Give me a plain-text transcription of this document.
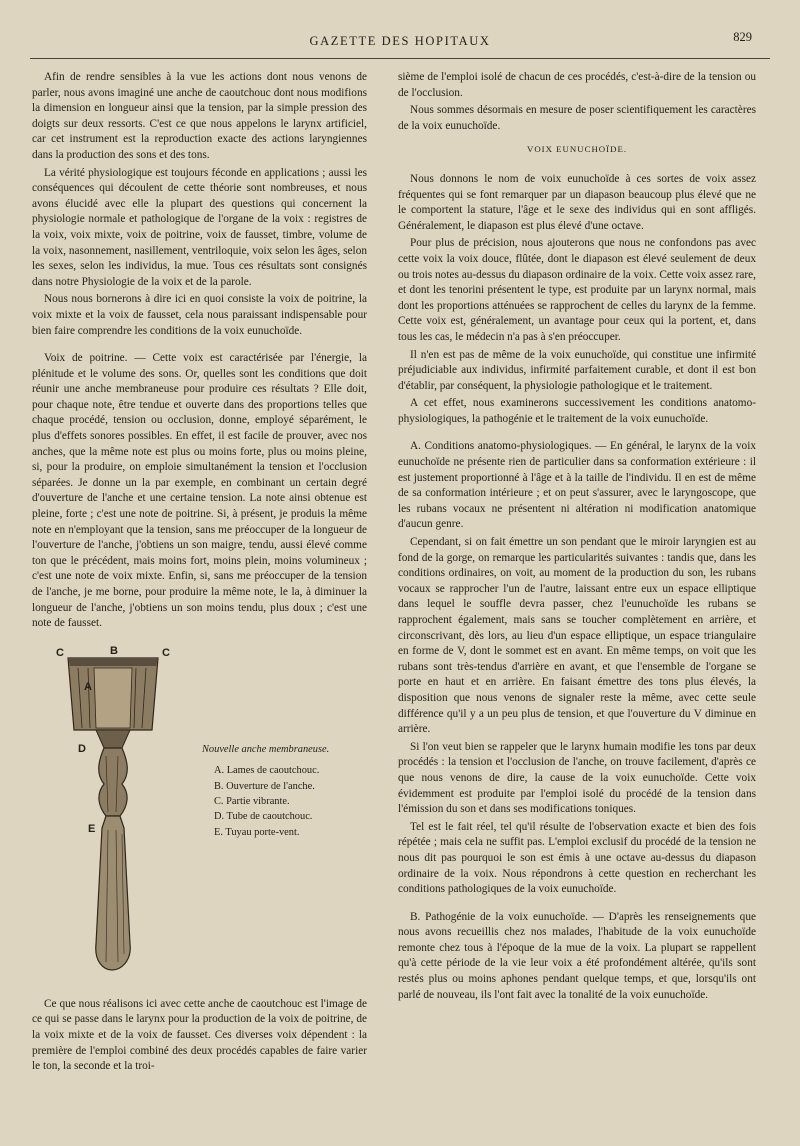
GAZETTE DES HOPITAUX	829

Afin de rendre sensibles à la vue les actions dont nous venons de parler, nous avons imaginé une anche de caoutchouc dont nous modifions la dimension en longueur ainsi que la tension, par la simple pression des doigts sur deux ressorts. C'est ce que nous appelons le larynx artificiel, car cet instrument est la reproduction exacte des actions laryngiennes dans la production des sons et des tons.

La vérité physiologique est toujours féconde en applications ; aussi les conséquences qui découlent de cette théorie sont nombreuses, et nous avons élucidé avec elle la plupart des questions qui concernent la physiologie normale et pathologique de l'organe de la voix : registres de la voix, voix mixte, voix de poitrine, voix de fausset, timbre, volume de la voix, nasonnement, nasillement, ventriloquie, voix selon les âges, selon les sexes, selon les individus, la mue. Tous ces résultats sont consignés dans notre Physiologie de la voix et de la parole.

Nous nous bornerons à dire ici en quoi consiste la voix de poitrine, la voix mixte et la voix de fausset, cela nous paraissant indispensable pour bien faire comprendre les conditions de la voix eunuchoïde.

Voix de poitrine. — Cette voix est caractérisée par l'énergie, la plénitude et le volume des sons. Or, quelles sont les conditions que doit réunir une anche membraneuse pour produire ces résultats ? Elle doit, pour chaque note, être tendue et ouverte dans des proportions telles que chaque procédé, tension ou occlusion, donne, employé séparément, le plus d'effets sonores possibles. En effet, il est facile de prouver, avec nos anches, que la même note est plus ou moins forte, plus ou moins pleine, si, pour la produire, on emploie simultanément la tension et l'occlusion séparées. Je donne un la par exemple, en combinant un certain degré d'ouverture de l'anche et une certaine tension. La note ainsi obtenue est pleine, forte ; c'est une note de poitrine. Si, à présent, je produis la même note en n'employant que la tension, sans me préoccuper de la longueur de l'ouverture de l'anche, j'obtiens un son maigre, tendu, aussi élevé comme ton que le précédent, mais moins fort, moins plein, moins volumineux ; c'est une note de voix mixte. Enfin, si, sans me préoccuper de la tension de l'anche, je me borne, pour produire la même note, le la, à diminuer la longueur de l'anche, j'obtiens un son moins tendu, plus doux ; c'est une note de fausset.

C	B	C
A
D
E
Nouvelle anche membraneuse.
A. Lames de caoutchouc.
B. Ouverture de l'anche.
C. Partie vibrante.
D. Tube de caoutchouc.
E. Tuyau porte-vent.

Ce que nous réalisons ici avec cette anche de caoutchouc est l'image de ce qui se passe dans le larynx pour la production de la voix de poitrine, de la voix mixte et de la voix de fausset. Ces diverses voix dépendent : la première de l'emploi combiné des deux procédés capables de faire varier le ton, la seconde et la troi-

sième de l'emploi isolé de chacun de ces procédés, c'est-à-dire de la tension ou de l'occlusion.

Nous sommes désormais en mesure de poser scientifiquement les caractères de la voix eunuchoïde.

VOIX EUNUCHOÏDE.

Nous donnons le nom de voix eunuchoïde à ces sortes de voix assez fréquentes qui se font remarquer par un diapason beaucoup plus élevé que ne le comportent la stature, l'âge et le sexe des individus qui en sont affligés. Généralement, le diapason est plus élevé d'une octave.

Pour plus de précision, nous ajouterons que nous ne confondons pas avec cette voix la voix douce, flûtée, dont le diapason est élevé seulement de deux ou trois notes au-dessus du diapason ordinaire de la voix. Cette voix assez rare, et dont les tenorini présentent le type, est produite par un larynx normal, mais dont les proportions atténuées se rapprochent de celles du larynx de la femme. Cette voix est, généralement, un avantage pour ceux qui la portent, et, dans tous les cas, le médecin n'a pas à s'en préoccuper.

Il n'en est pas de même de la voix eunuchoïde, qui constitue une infirmité préjudiciable aux individus, infirmité parfaitement curable, et dont il est bon d'établir, par conséquent, la physiologie pathologique et le traitement.

A cet effet, nous examinerons successivement les conditions anatomo-physiologiques, la pathogénie et le traitement de la voix eunuchoïde.

A. Conditions anatomo-physiologiques. — En général, le larynx de la voix eunuchoïde ne présente rien de particulier dans sa conformation extérieure : il est justement proportionné à l'âge et à la taille de l'individu. Il en est de même de sa conformation intérieure ; et on peut s'assurer, avec le laryngoscope, que les rubans vocaux ne présentent ni altération ni modification anatomique d'aucun genre.

Cependant, si on fait émettre un son pendant que le miroir laryngien est au fond de la gorge, on remarque les particularités suivantes : tandis que, dans les conditions ordinaires, on voit, au moment de la production du son, les rubans vocaux se rapprocher l'un de l'autre, laissant entre eux un espace elliptique dans lequel le souffle devra passer, chez l'eunuchoïde les rubans se rapprochent également, mais sans se toucher complètement en arrière, et circonscrivant, dès lors, au lieu d'un espace elliptique, un espace triangulaire en forme de V, dont le sommet est en avant. En même temps, on voit que les rubans sont très-tendus d'arrière en avant, et que l'ensemble de l'organe se porte en haut et en arrière. En faisant émettre des tons plus élevés, la disposition que nous venons de signaler reste la même, avec cette seule différence qu'il y a un peu plus de tension, et que l'ouverture du V diminue en arrière.

Si l'on veut bien se rappeler que le larynx humain modifie les tons par deux procédés : la tension et l'occlusion de l'anche, on trouve facilement, d'après ce que nous venons de dire, la cause de la voix eunuchoïde. Cette voix évidemment est produite par l'emploi isolé du procédé de la tension dans l'émission du son et dans ses modifications toniques.

Tel est le fait réel, tel qu'il résulte de l'observation exacte et bien des fois répétée ; mais cela ne suffit pas. L'emploi exclusif du procédé de la tension ne nous dit pas pourquoi le son est émis à une octave au-dessus du diapason ordinaire de la voix. Nous répondrons à cette question en recherchant les conditions pathologiques de la voix eunuchoïde.

B. Pathogénie de la voix eunuchoïde. — D'après les renseignements que nous avons recueillis chez nos malades, l'habitude de la voix eunuchoïde remonte chez tous à l'époque de la mue de la voix. La plupart se rappellent qu'à cette période de la vie leur voix a été profondément altérée, qu'ils sont restés plus ou moins aphones pendant quelque temps, et que, lorsqu'ils ont parlé de nouveau, ils l'ont fait avec la tonalité de la voix eunuchoïde.
